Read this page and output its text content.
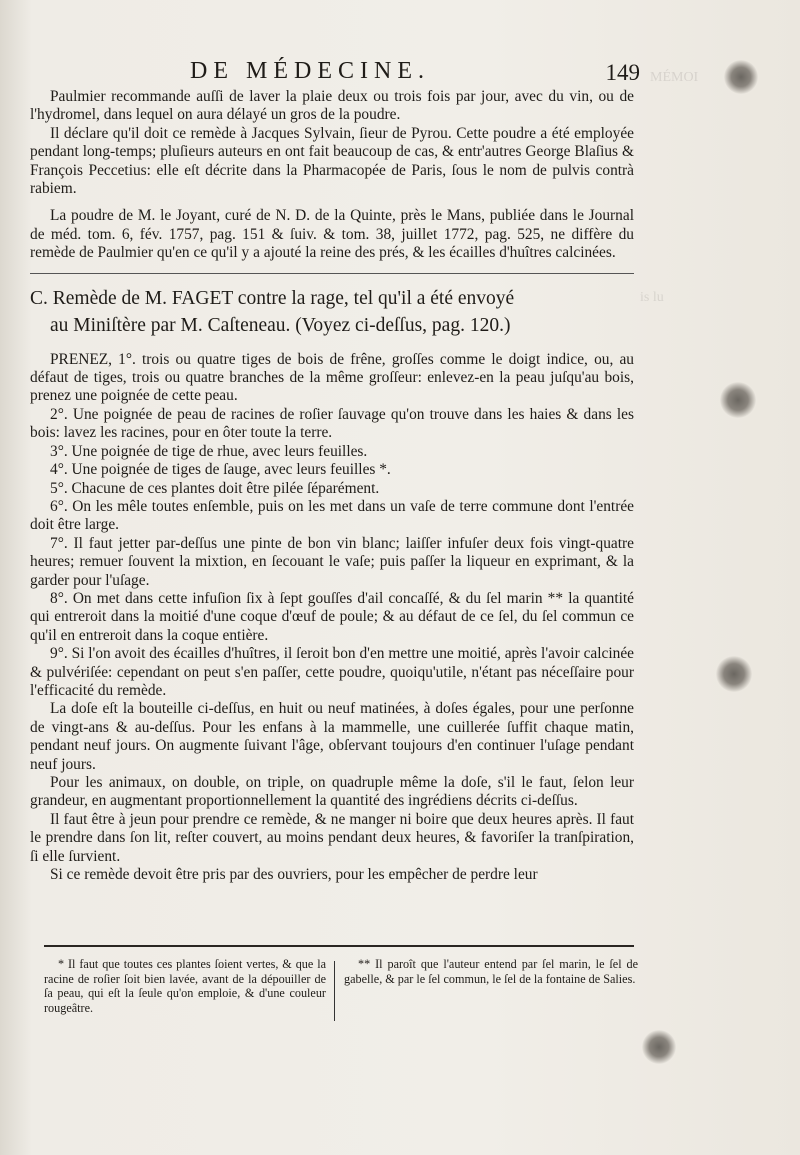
MÉMOI
is lu
DE MÉDECINE.	149

Paulmier recommande auſſi de laver la plaie deux ou trois fois par jour, avec du vin, ou de l'hydromel, dans lequel on aura délayé un gros de la poudre.

Il déclare qu'il doit ce remède à Jacques Sylvain, ſieur de Pyrou. Cette poudre a été employée pendant long-temps; pluſieurs auteurs en ont fait beaucoup de cas, & entr'autres George Blaſius & François Peccetius: elle eſt décrite dans la Pharmacopée de Paris, ſous le nom de pulvis contrà rabiem.

La poudre de M. le Joyant, curé de N. D. de la Quinte, près le Mans, publiée dans le Journal de méd. tom. 6, fév. 1757, pag. 151 & ſuiv. & tom. 38, juillet 1772, pag. 525, ne diffère du remède de Paulmier qu'en ce qu'il y a ajouté la reine des prés, & les écailles d'huîtres calcinées.

C. Remède de M. FAGET contre la rage, tel qu'il a été envoyé
au Miniſtère par M. Caſteneau. (Voyez ci-deſſus, pag. 120.)

PRENEZ, 1°. trois ou quatre tiges de bois de frêne, groſſes comme le doigt indice, ou, au défaut de tiges, trois ou quatre branches de la même groſſeur: enlevez-en la peau juſqu'au bois, prenez une poignée de cette peau.

2°. Une poignée de peau de racines de roſier ſauvage qu'on trouve dans les haies & dans les bois: lavez les racines, pour en ôter toute la terre.

3°. Une poignée de tige de rhue, avec leurs feuilles.

4°. Une poignée de tiges de ſauge, avec leurs feuilles *.

5°. Chacune de ces plantes doit être pilée ſéparément.

6°. On les mêle toutes enſemble, puis on les met dans un vaſe de terre commune dont l'entrée doit être large.

7°. Il faut jetter par-deſſus une pinte de bon vin blanc; laiſſer infuſer deux fois vingt-quatre heures; remuer ſouvent la mixtion, en ſecouant le vaſe; puis paſſer la liqueur en exprimant, & la garder pour l'uſage.

8°. On met dans cette infuſion ſix à ſept gouſſes d'ail concaſſé, & du ſel marin ** la quantité qui entreroit dans la moitié d'une coque d'œuf de poule; & au défaut de ce ſel, du ſel commun ce qu'il en entreroit dans la coque entière.

9°. Si l'on avoit des écailles d'huîtres, il ſeroit bon d'en mettre une moitié, après l'avoir calcinée & pulvériſée: cependant on peut s'en paſſer, cette poudre, quoiqu'utile, n'étant pas néceſſaire pour l'efficacité du remède.

La doſe eſt la bouteille ci-deſſus, en huit ou neuf matinées, à doſes égales, pour une perſonne de vingt-ans & au-deſſus. Pour les enfans à la mammelle, une cuillerée ſuffit chaque matin, pendant neuf jours. On augmente ſuivant l'âge, obſervant toujours d'en continuer l'uſage pendant neuf jours.

Pour les animaux, on double, on triple, on quadruple même la doſe, s'il le faut, ſelon leur grandeur, en augmentant proportionnellement la quantité des ingrédiens décrits ci-deſſus.

Il faut être à jeun pour prendre ce remède, & ne manger ni boire que deux heures après. Il faut le prendre dans ſon lit, reſter couvert, au moins pendant deux heures, & favoriſer la tranſpiration, ſi elle ſurvient.

Si ce remède devoit être pris par des ouvriers, pour les empêcher de perdre leur

* Il faut que toutes ces plantes ſoient vertes, & que la racine de roſier ſoit bien lavée, avant de la dépouiller de ſa peau, qui eſt la ſeule qu'on emploie, & d'une couleur rougeâtre.

** Il paroît que l'auteur entend par ſel marin, le ſel de gabelle, & par le ſel commun, le ſel de la fontaine de Salies.
